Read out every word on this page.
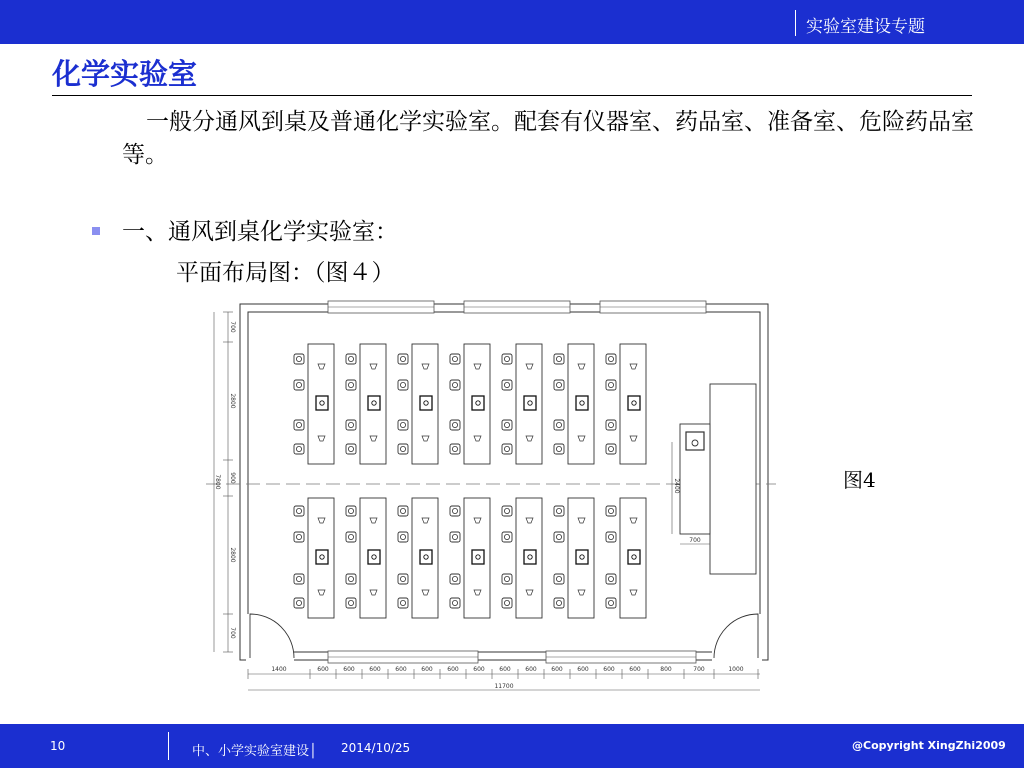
实验室建设专题
化学实验室
一般分通风到桌及普通化学实验室。配套有仪器室、药品室、准备室、危险药品室等。
一、通风到桌化学实验室：
平面布局图：（图４）
1400	600 600 600 600 600 600 600 600 600 600 600 600 600	800	700	1000
11700
700
2800
900
2800
700
7800	2400
700
图4
10	中、小学实验室建设│ 2014/10/25	@Copyright XingZhi2009
